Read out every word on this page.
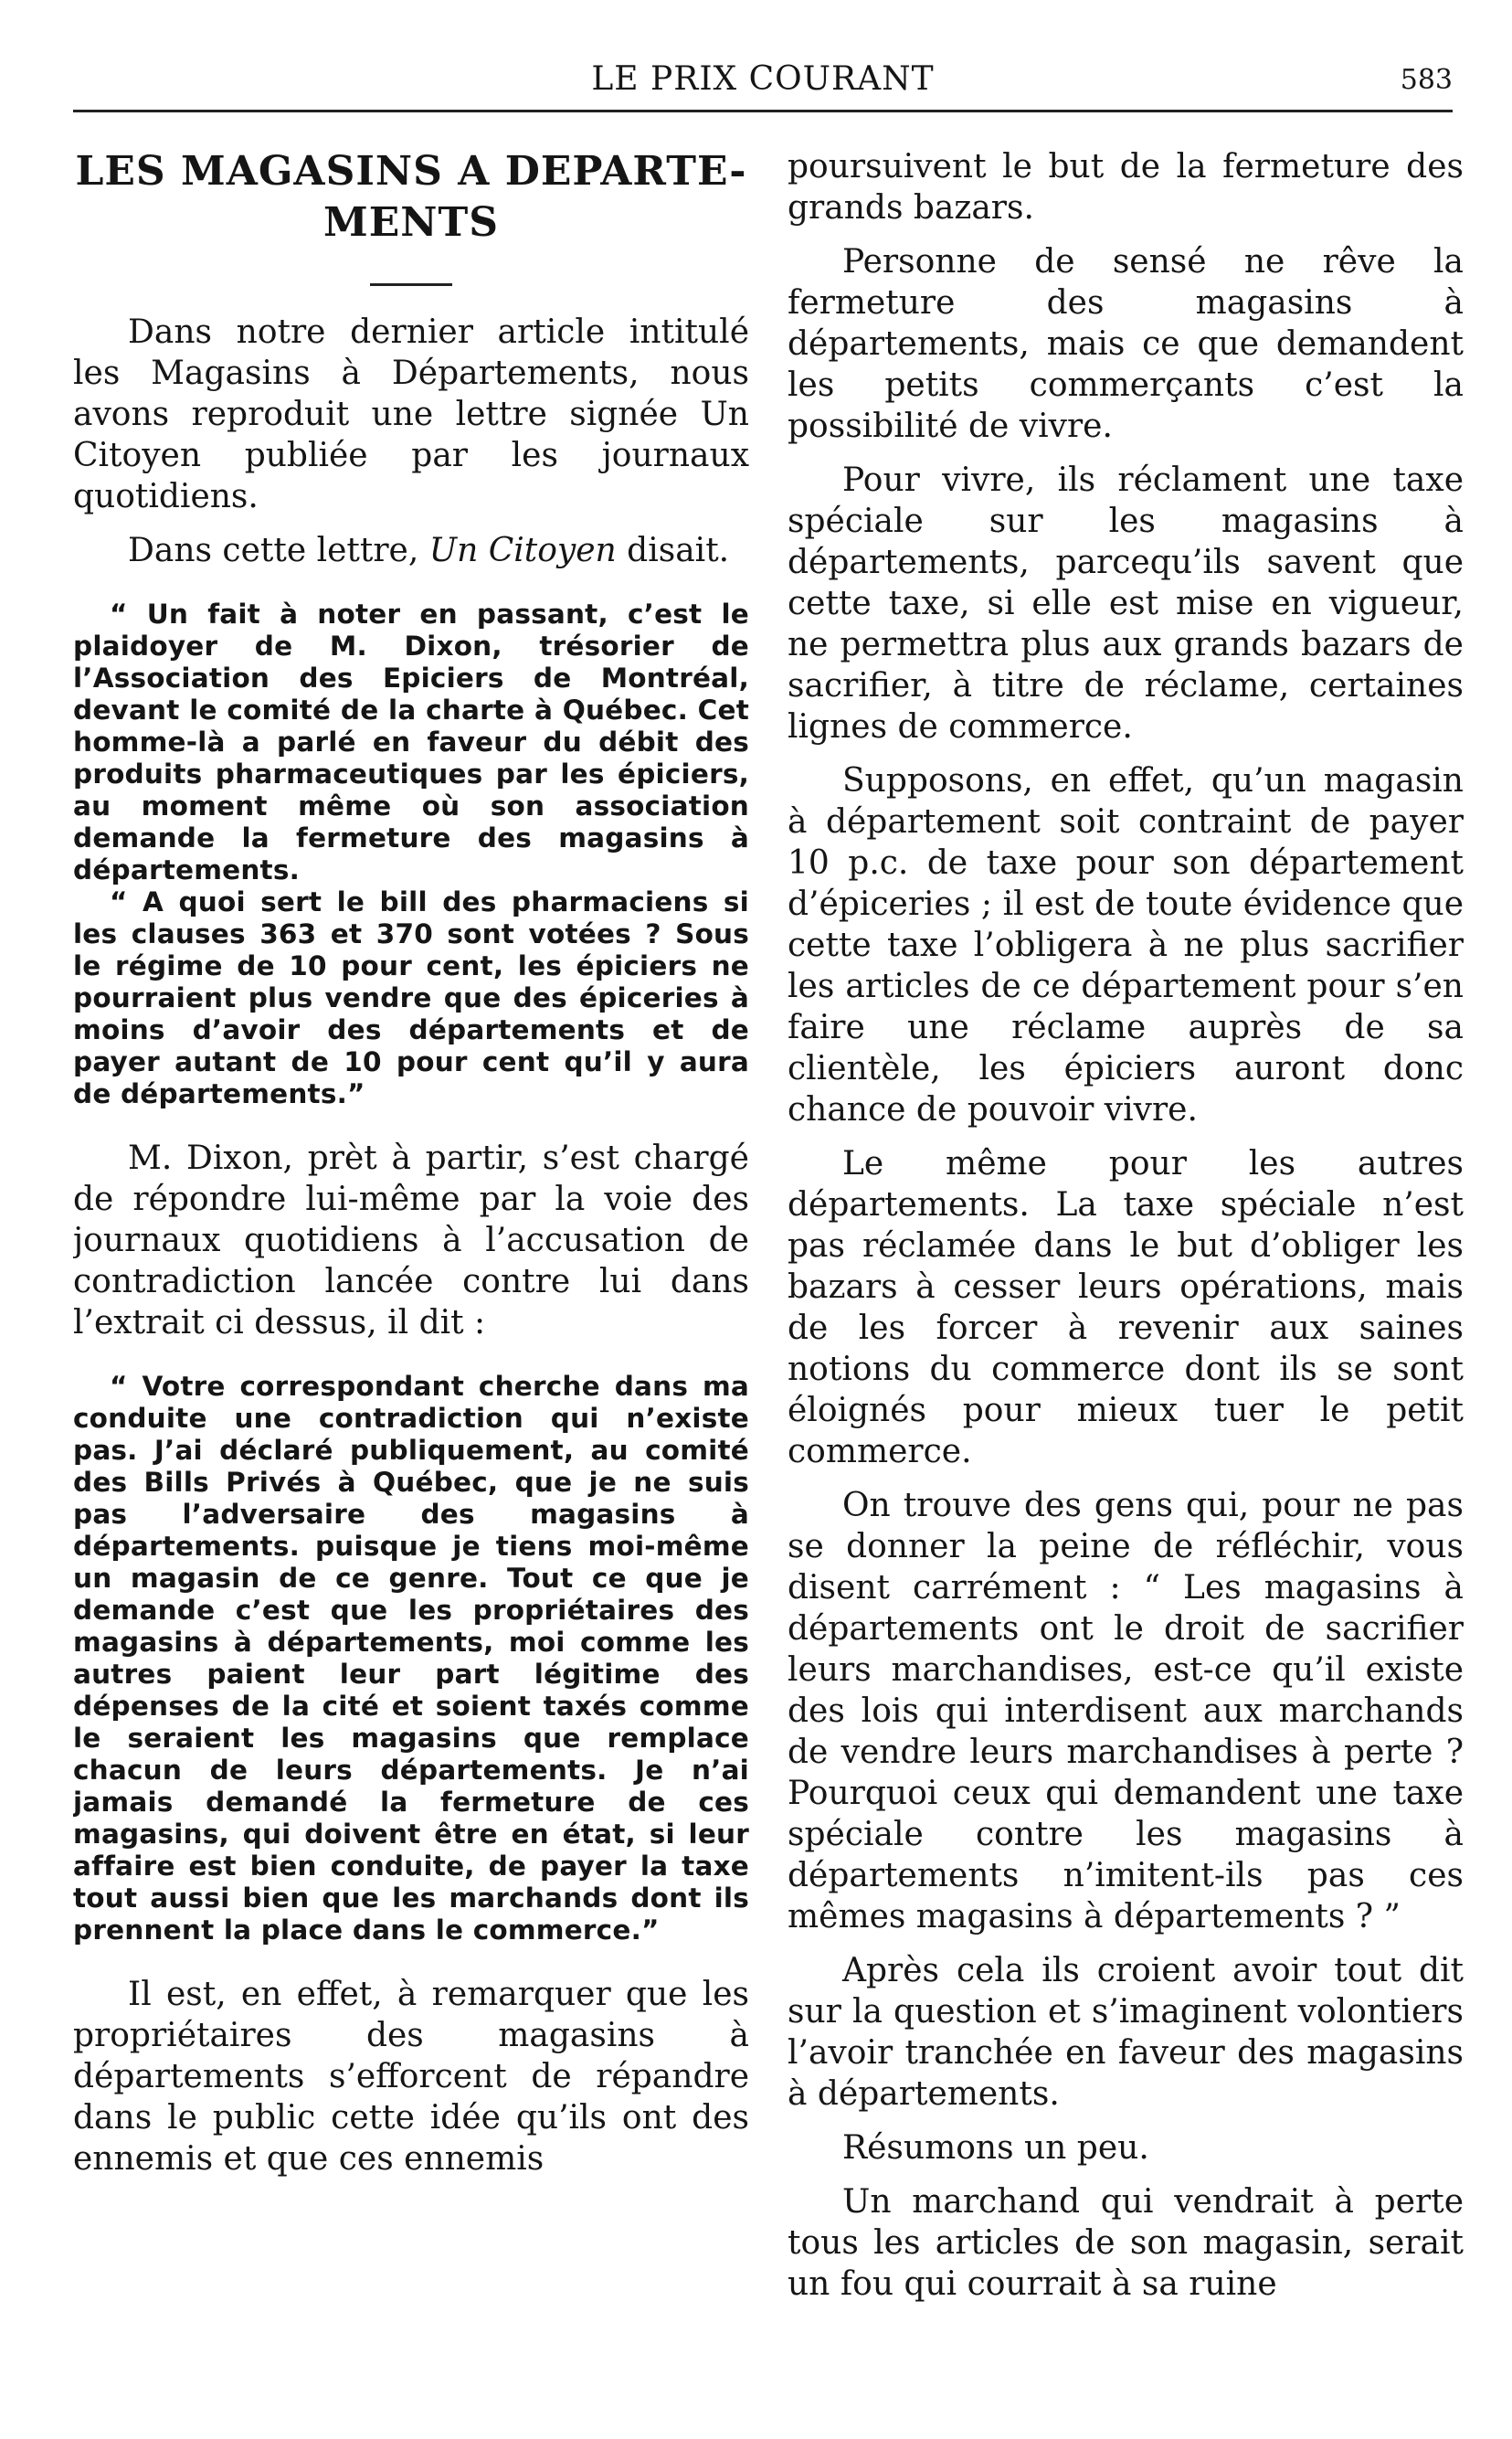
LE PRIX COURANT	583
LES MAGASINS A DEPARTE-
MENTS

Dans notre dernier article intitulé les Magasins à Départements, nous avons reproduit une lettre signée Un Citoyen publiée par les journaux quotidiens.

Dans cette lettre, Un Citoyen disait.

“ Un fait à noter en passant, c’est le plaidoyer de M. Dixon, trésorier de l’Association des Epiciers de Montréal, devant le comité de la charte à Québec. Cet homme-là a parlé en faveur du débit des produits pharmaceutiques par les épiciers, au moment même où son association demande la fermeture des magasins à départements.

“ A quoi sert le bill des pharmaciens si les clauses 363 et 370 sont votées ? Sous le régime de 10 pour cent, les épiciers ne pourraient plus vendre que des épiceries à moins d’avoir des départements et de payer autant de 10 pour cent qu’il y aura de départements.”

M. Dixon, prèt à partir, s’est chargé de répondre lui-même par la voie des journaux quotidiens à l’accusation de contradiction lancée contre lui dans l’extrait ci dessus, il dit :

“ Votre correspondant cherche dans ma conduite une contradiction qui n’existe pas. J’ai déclaré publiquement, au comité des Bills Privés à Québec, que je ne suis pas l’adversaire des magasins à départements. puisque je tiens moi-même un magasin de ce genre. Tout ce que je demande c’est que les propriétaires des magasins à départements, moi comme les autres paient leur part légitime des dépenses de la cité et soient taxés comme le seraient les magasins que remplace chacun de leurs départements. Je n’ai jamais demandé la fermeture de ces magasins, qui doivent être en état, si leur affaire est bien conduite, de payer la taxe tout aussi bien que les marchands dont ils prennent la place dans le commerce.”

Il est, en effet, à remarquer que les propriétaires des magasins à départements s’efforcent de répandre dans le public cette idée qu’ils ont des ennemis et que ces ennemis

poursuivent le but de la fermeture des grands bazars.

Personne de sensé ne rêve la fermeture des magasins à départements, mais ce que demandent les petits commerçants c’est la possibilité de vivre.

Pour vivre, ils réclament une taxe spéciale sur les magasins à départements, parcequ’ils savent que cette taxe, si elle est mise en vigueur, ne permettra plus aux grands bazars de sacrifier, à titre de réclame, certaines lignes de commerce.

Supposons, en effet, qu’un magasin à département soit contraint de payer 10 p.c. de taxe pour son département d’épiceries ; il est de toute évidence que cette taxe l’obligera à ne plus sacrifier les articles de ce département pour s’en faire une réclame auprès de sa clientèle, les épiciers auront donc chance de pouvoir vivre.

Le même pour les autres départements. La taxe spéciale n’est pas réclamée dans le but d’obliger les bazars à cesser leurs opérations, mais de les forcer à revenir aux saines notions du commerce dont ils se sont éloignés pour mieux tuer le petit commerce.

On trouve des gens qui, pour ne pas se donner la peine de réfléchir, vous disent carrément : “ Les magasins à départements ont le droit de sacrifier leurs marchandises, est-ce qu’il existe des lois qui interdisent aux marchands de vendre leurs marchandises à perte ? Pourquoi ceux qui demandent une taxe spéciale contre les magasins à départements n’imitent-ils pas ces mêmes magasins à départements ? ”

Après cela ils croient avoir tout dit sur la question et s’imaginent volontiers l’avoir tranchée en faveur des magasins à départements.

Résumons un peu.

Un marchand qui vendrait à perte tous les articles de son magasin, serait un fou qui courrait à sa ruine
